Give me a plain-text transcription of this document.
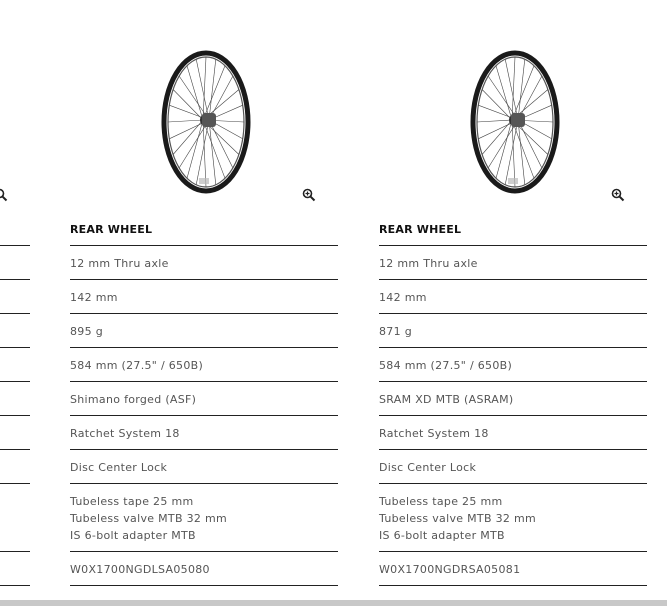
REAR WHEEL
12 mm Thru axle
142 mm
895 g
584 mm (27.5" / 650B)
Shimano forged (ASF)
Ratchet System 18
Disc Center Lock
Tubeless tape 25 mm
Tubeless valve MTB 32 mm
IS 6-bolt adapter MTB
W0X1700NGDLSA05080
REAR WHEEL
12 mm Thru axle
142 mm
871 g
584 mm (27.5" / 650B)
SRAM XD MTB (ASRAM)
Ratchet System 18
Disc Center Lock
Tubeless tape 25 mm
Tubeless valve MTB 32 mm
IS 6-bolt adapter MTB
W0X1700NGDRSA05081
